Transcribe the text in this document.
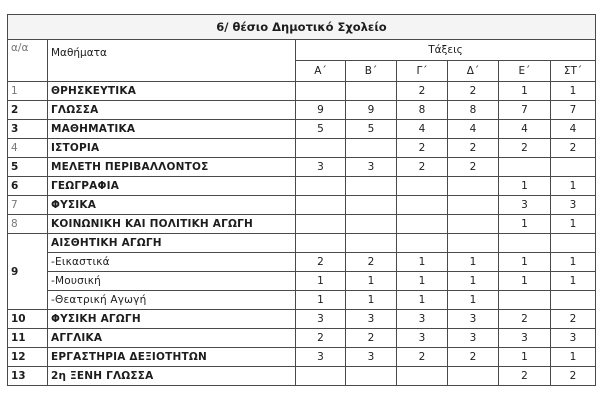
6/ θέσιο Δημοτικό Σχολείο							
α/α	Μαθήματα	Τάξεις					
		Α΄	Β΄	Γ΄	Δ΄	Ε΄	ΣΤ΄
1	ΘΡΗΣΚΕΥΤΙΚΑ			2	2	1	1
2	ΓΛΩΣΣΑ	9	9	8	8	7	7
3	ΜΑΘΗΜΑΤΙΚΑ	5	5	4	4	4	4
4	ΙΣΤΟΡΙΑ			2	2	2	2
5	ΜΕΛΕΤΗ ΠΕΡΙΒΑΛΛΟΝΤΟΣ	3	3	2	2		
6	ΓΕΩΓΡΑΦΙΑ					1	1
7	ΦΥΣΙΚΑ					3	3
8	ΚΟΙΝΩΝΙΚΗ ΚΑΙ ΠΟΛΙΤΙΚΗ ΑΓΩΓΗ					1	1
9	ΑΙΣΘΗΤΙΚΗ ΑΓΩΓΗ						
	-Εικαστικά	2	2	1	1	1	1
	-Μουσική	1	1	1	1	1	1
	-Θεατρική Αγωγή	1	1	1	1		
10	ΦΥΣΙΚΗ ΑΓΩΓΗ	3	3	3	3	2	2
11	ΑΓΓΛΙΚΑ	2	2	3	3	3	3
12	ΕΡΓΑΣΤΗΡΙΑ ΔΕΞΙΟΤΗΤΩΝ	3	3	2	2	1	1
13	2η ΞΕΝΗ ΓΛΩΣΣΑ					2	2
